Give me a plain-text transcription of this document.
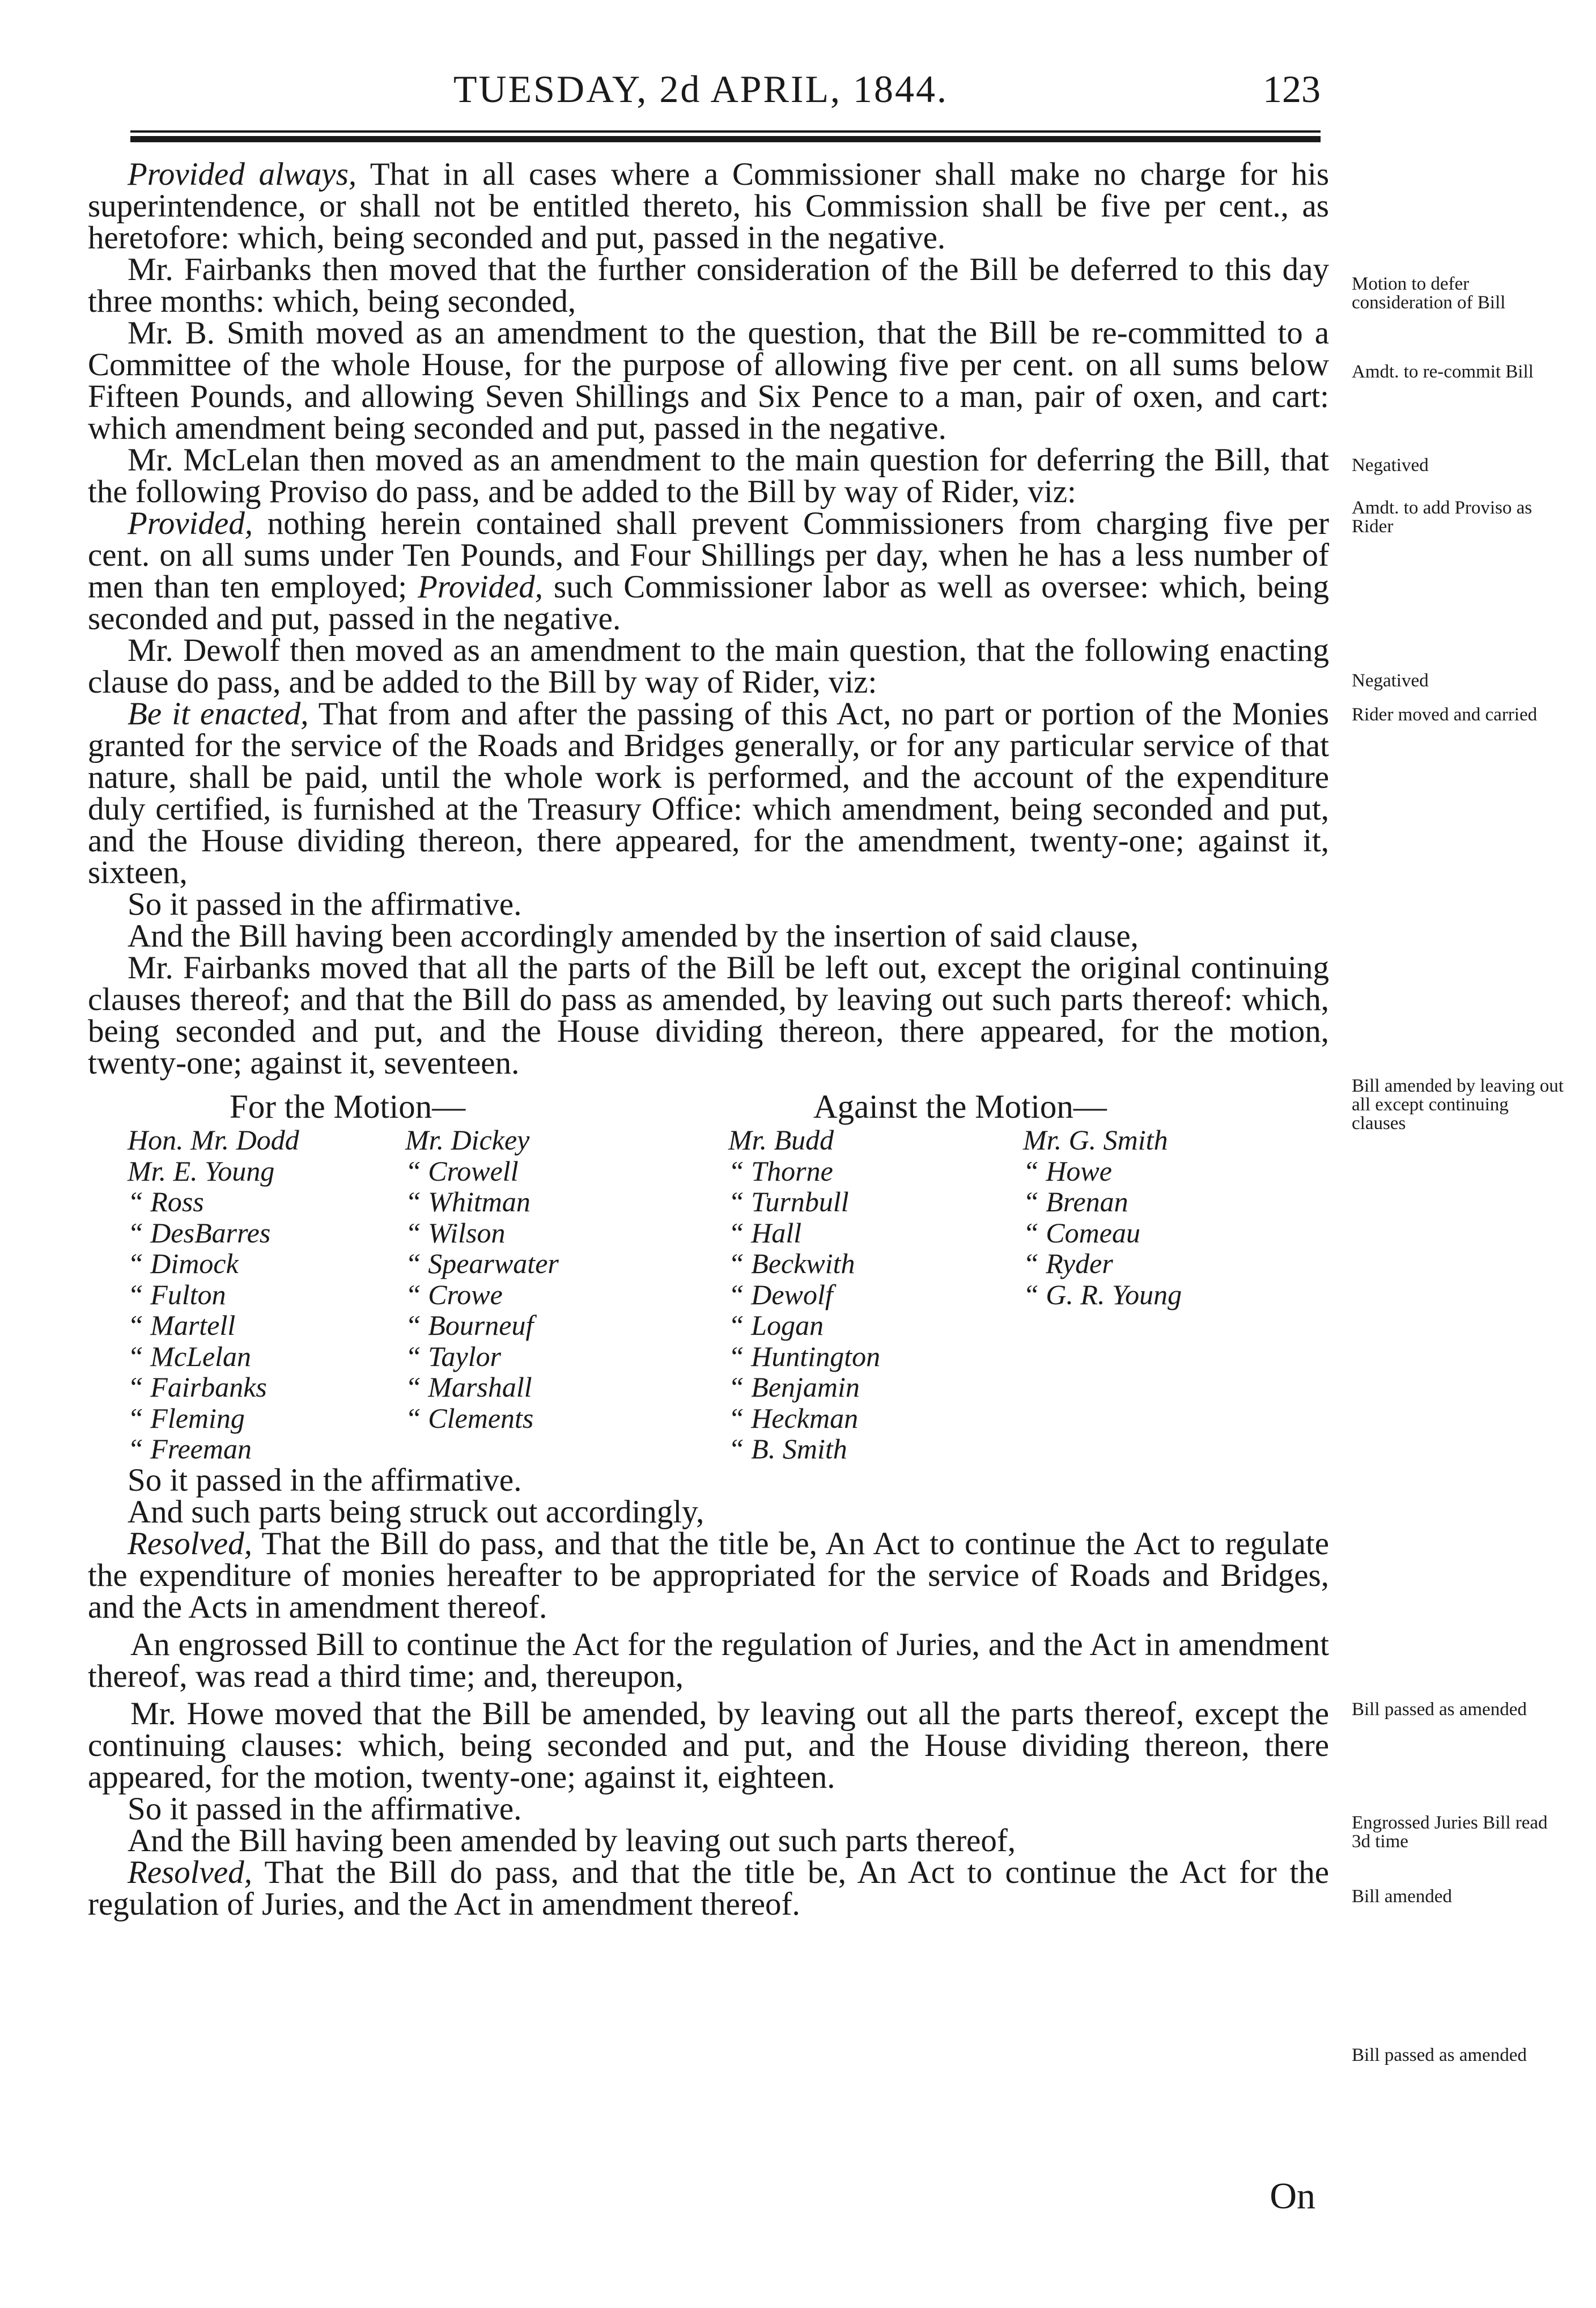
TUESDAY, 2d APRIL, 1844.	123

Provided always, That in all cases where a Commissioner shall make no charge for his superintendence, or shall not be entitled thereto, his Commission shall be five per cent., as heretofore: which, being seconded and put, passed in the negative.

Mr. Fairbanks then moved that the further consideration of the Bill be deferred to this day three months: which, being seconded,

Mr. B. Smith moved as an amendment to the question, that the Bill be re-committed to a Committee of the whole House, for the purpose of allowing five per cent. on all sums below Fifteen Pounds, and allowing Seven Shillings and Six Pence to a man, pair of oxen, and cart: which amendment being seconded and put, passed in the negative.

Mr. McLelan then moved as an amendment to the main question for deferring the Bill, that the following Proviso do pass, and be added to the Bill by way of Rider, viz:

Provided, nothing herein contained shall prevent Commissioners from charging five per cent. on all sums under Ten Pounds, and Four Shillings per day, when he has a less number of men than ten employed; Provided, such Commissioner labor as well as oversee: which, being seconded and put, passed in the negative.

Mr. Dewolf then moved as an amendment to the main question, that the following enacting clause do pass, and be added to the Bill by way of Rider, viz:

Be it enacted, That from and after the passing of this Act, no part or portion of the Monies granted for the service of the Roads and Bridges generally, or for any particular service of that nature, shall be paid, until the whole work is performed, and the account of the expenditure duly certified, is furnished at the Treasury Office: which amendment, being seconded and put, and the House dividing thereon, there appeared, for the amendment, twenty-one; against it, sixteen,

So it passed in the affirmative.

And the Bill having been accordingly amended by the insertion of said clause,

Mr. Fairbanks moved that all the parts of the Bill be left out, except the original continuing clauses thereof; and that the Bill do pass as amended, by leaving out such parts thereof: which, being seconded and put, and the House dividing thereon, there appeared, for the motion, twenty-one; against it, seventeen.

For the Motion—	Against the Motion—
Hon. Mr. Dodd
Mr. E. Young
“ Ross
“ DesBarres
“ Dimock
“ Fulton
“ Martell
“ McLelan
“ Fairbanks
“ Fleming
“ Freeman
Mr. Dickey
“ Crowell
“ Whitman
“ Wilson
“ Spearwater
“ Crowe
“ Bourneuf
“ Taylor
“ Marshall
“ Clements
Mr. Budd
“ Thorne
“ Turnbull
“ Hall
“ Beckwith
“ Dewolf
“ Logan
“ Huntington
“ Benjamin
“ Heckman
“ B. Smith
Mr. G. Smith
“ Howe
“ Brenan
“ Comeau
“ Ryder
“ G. R. Young

So it passed in the affirmative.

And such parts being struck out accordingly,

Resolved, That the Bill do pass, and that the title be, An Act to continue the Act to regulate the expenditure of monies hereafter to be appropriated for the service of Roads and Bridges, and the Acts in amendment thereof.

An engrossed Bill to continue the Act for the regulation of Juries, and the Act in amendment thereof, was read a third time; and, thereupon,

Mr. Howe moved that the Bill be amended, by leaving out all the parts thereof, except the continuing clauses: which, being seconded and put, and the House dividing thereon, there appeared, for the motion, twenty-one; against it, eighteen.

So it passed in the affirmative.

And the Bill having been amended by leaving out such parts thereof,

Resolved, That the Bill do pass, and that the title be, An Act to continue the Act for the regulation of Juries, and the Act in amendment thereof.

Motion to defer consideration of Bill
Amdt. to re-commit Bill
Negatived
Amdt. to add Proviso as Rider
Negatived
Rider moved and carried
Bill amended by leaving out all except continuing clauses
Bill passed as amended
Engrossed Juries Bill read 3d time
Bill amended
Bill passed as amended
On
